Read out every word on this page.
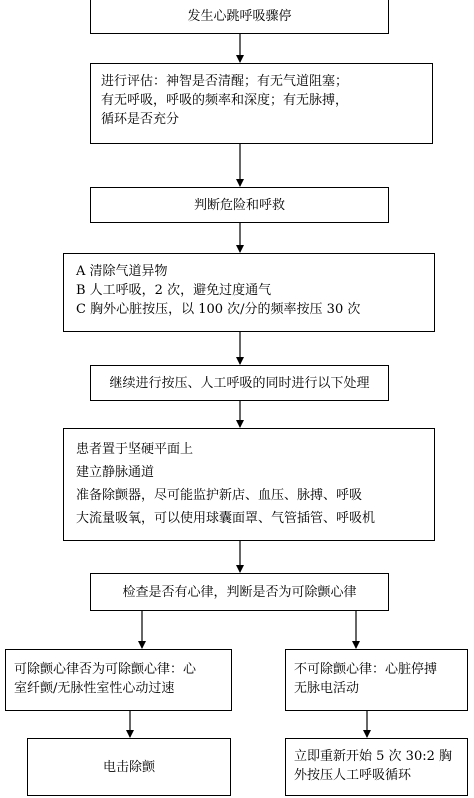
发生心跳呼吸骤停
进行评估：神智是否清醒；有无气道阻塞；
有无呼吸，呼吸的频率和深度；有无脉搏，
循环是否充分
判断危险和呼救
A 清除气道异物
B 人工呼吸，2 次，避免过度通气
C 胸外心脏按压，以 100 次/分的频率按压 30 次
继续进行按压、人工呼吸的同时进行以下处理
患者置于坚硬平面上
建立静脉通道
准备除颤器，尽可能监护新店、血压、脉搏、呼吸
大流量吸氧，可以使用球囊面罩、气管插管、呼吸机
检查是否有心律，判断是否为可除颤心律
可除颤心律否为可除颤心律：心
室纤颤/无脉性室性心动过速
不可除颤心律：心脏停搏
无脉电活动
电击除颤
立即重新开始 5 次 30:2 胸
外按压人工呼吸循环
